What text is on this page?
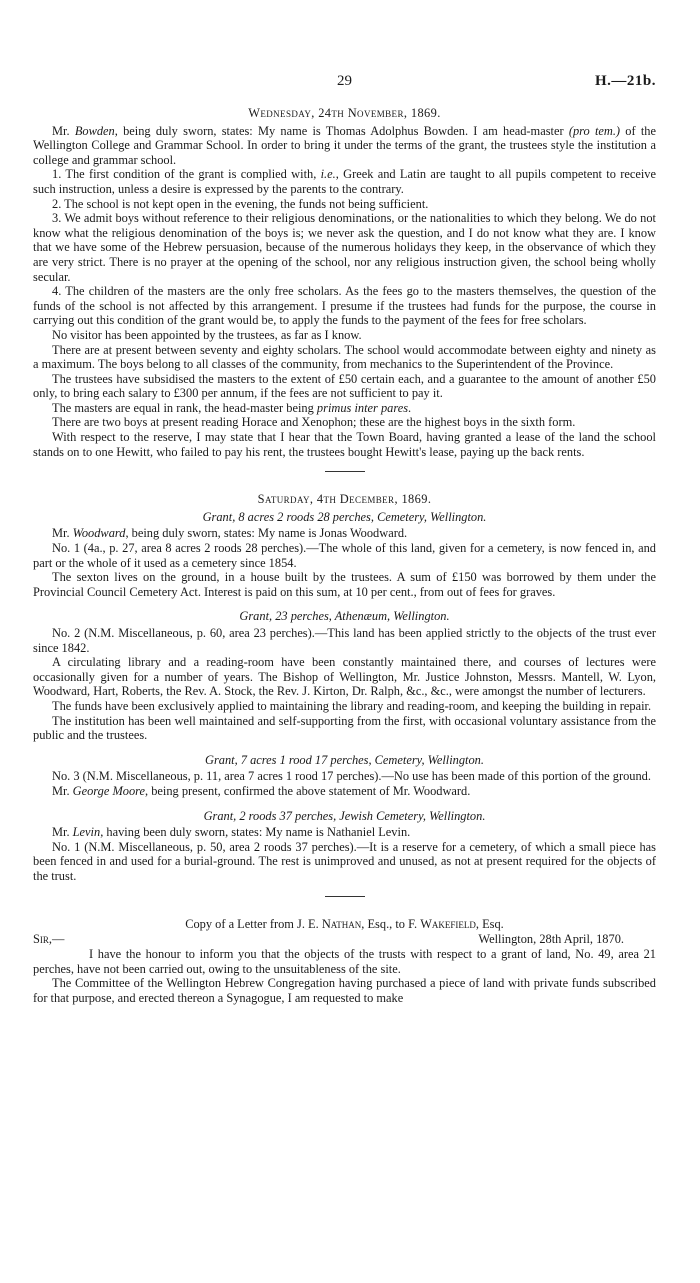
29	H.—21b.
Wednesday, 24th November, 1869.

Mr. Bowden, being duly sworn, states: My name is Thomas Adolphus Bowden. I am head-master (pro tem.) of the Wellington College and Grammar School. In order to bring it under the terms of the grant, the trustees style the institution a college and grammar school.

1. The first condition of the grant is complied with, i.e., Greek and Latin are taught to all pupils competent to receive such instruction, unless a desire is expressed by the parents to the contrary.

2. The school is not kept open in the evening, the funds not being sufficient.

3. We admit boys without reference to their religious denominations, or the nationalities to which they belong. We do not know what the religious denomination of the boys is; we never ask the question, and I do not know what they are. I know that we have some of the Hebrew persuasion, because of the numerous holidays they keep, in the observance of which they are very strict. There is no prayer at the opening of the school, nor any religious instruction given, the school being wholly secular.

4. The children of the masters are the only free scholars. As the fees go to the masters themselves, the question of the funds of the school is not affected by this arrangement. I presume if the trustees had funds for the purpose, the course in carrying out this condition of the grant would be, to apply the funds to the payment of the fees for free scholars.

No visitor has been appointed by the trustees, as far as I know.

There are at present between seventy and eighty scholars. The school would accommodate between eighty and ninety as a maximum. The boys belong to all classes of the community, from mechanics to the Superintendent of the Province.

The trustees have subsidised the masters to the extent of £50 certain each, and a guarantee to the amount of another £50 only, to bring each salary to £300 per annum, if the fees are not sufficient to pay it.

The masters are equal in rank, the head-master being primus inter pares.

There are two boys at present reading Horace and Xenophon; these are the highest boys in the sixth form.

With respect to the reserve, I may state that I hear that the Town Board, having granted a lease of the land the school stands on to one Hewitt, who failed to pay his rent, the trustees bought Hewitt's lease, paying up the back rents.

Saturday, 4th December, 1869.
Grant, 8 acres 2 roods 28 perches, Cemetery, Wellington.

Mr. Woodward, being duly sworn, states: My name is Jonas Woodward.

No. 1 (4a., p. 27, area 8 acres 2 roods 28 perches).—The whole of this land, given for a cemetery, is now fenced in, and part or the whole of it used as a cemetery since 1854.

The sexton lives on the ground, in a house built by the trustees. A sum of £150 was borrowed by them under the Provincial Council Cemetery Act. Interest is paid on this sum, at 10 per cent., from out of fees for graves.

Grant, 23 perches, Athenæum, Wellington.

No. 2 (N.M. Miscellaneous, p. 60, area 23 perches).—This land has been applied strictly to the objects of the trust ever since 1842.

A circulating library and a reading-room have been constantly maintained there, and courses of lectures were occasionally given for a number of years. The Bishop of Wellington, Mr. Justice Johnston, Messrs. Mantell, W. Lyon, Woodward, Hart, Roberts, the Rev. A. Stock, the Rev. J. Kirton, Dr. Ralph, &c., &c., were amongst the number of lecturers.

The funds have been exclusively applied to maintaining the library and reading-room, and keeping the building in repair.

The institution has been well maintained and self-supporting from the first, with occasional voluntary assistance from the public and the trustees.

Grant, 7 acres 1 rood 17 perches, Cemetery, Wellington.

No. 3 (N.M. Miscellaneous, p. 11, area 7 acres 1 rood 17 perches).—No use has been made of this portion of the ground.

Mr. George Moore, being present, confirmed the above statement of Mr. Woodward.

Grant, 2 roods 37 perches, Jewish Cemetery, Wellington.

Mr. Levin, having been duly sworn, states: My name is Nathaniel Levin.

No. 1 (N.M. Miscellaneous, p. 50, area 2 roods 37 perches).—It is a reserve for a cemetery, of which a small piece has been fenced in and used for a burial-ground. The rest is unimproved and unused, as not at present required for the objects of the trust.

Copy of a Letter from J. E. Nathan, Esq., to F. Wakefield, Esq.
Sir,—	Wellington, 28th April, 1870.

I have the honour to inform you that the objects of the trusts with respect to a grant of land, No. 49, area 21 perches, have not been carried out, owing to the unsuitableness of the site.

The Committee of the Wellington Hebrew Congregation having purchased a piece of land with private funds subscribed for that purpose, and erected thereon a Synagogue, I am requested to make
